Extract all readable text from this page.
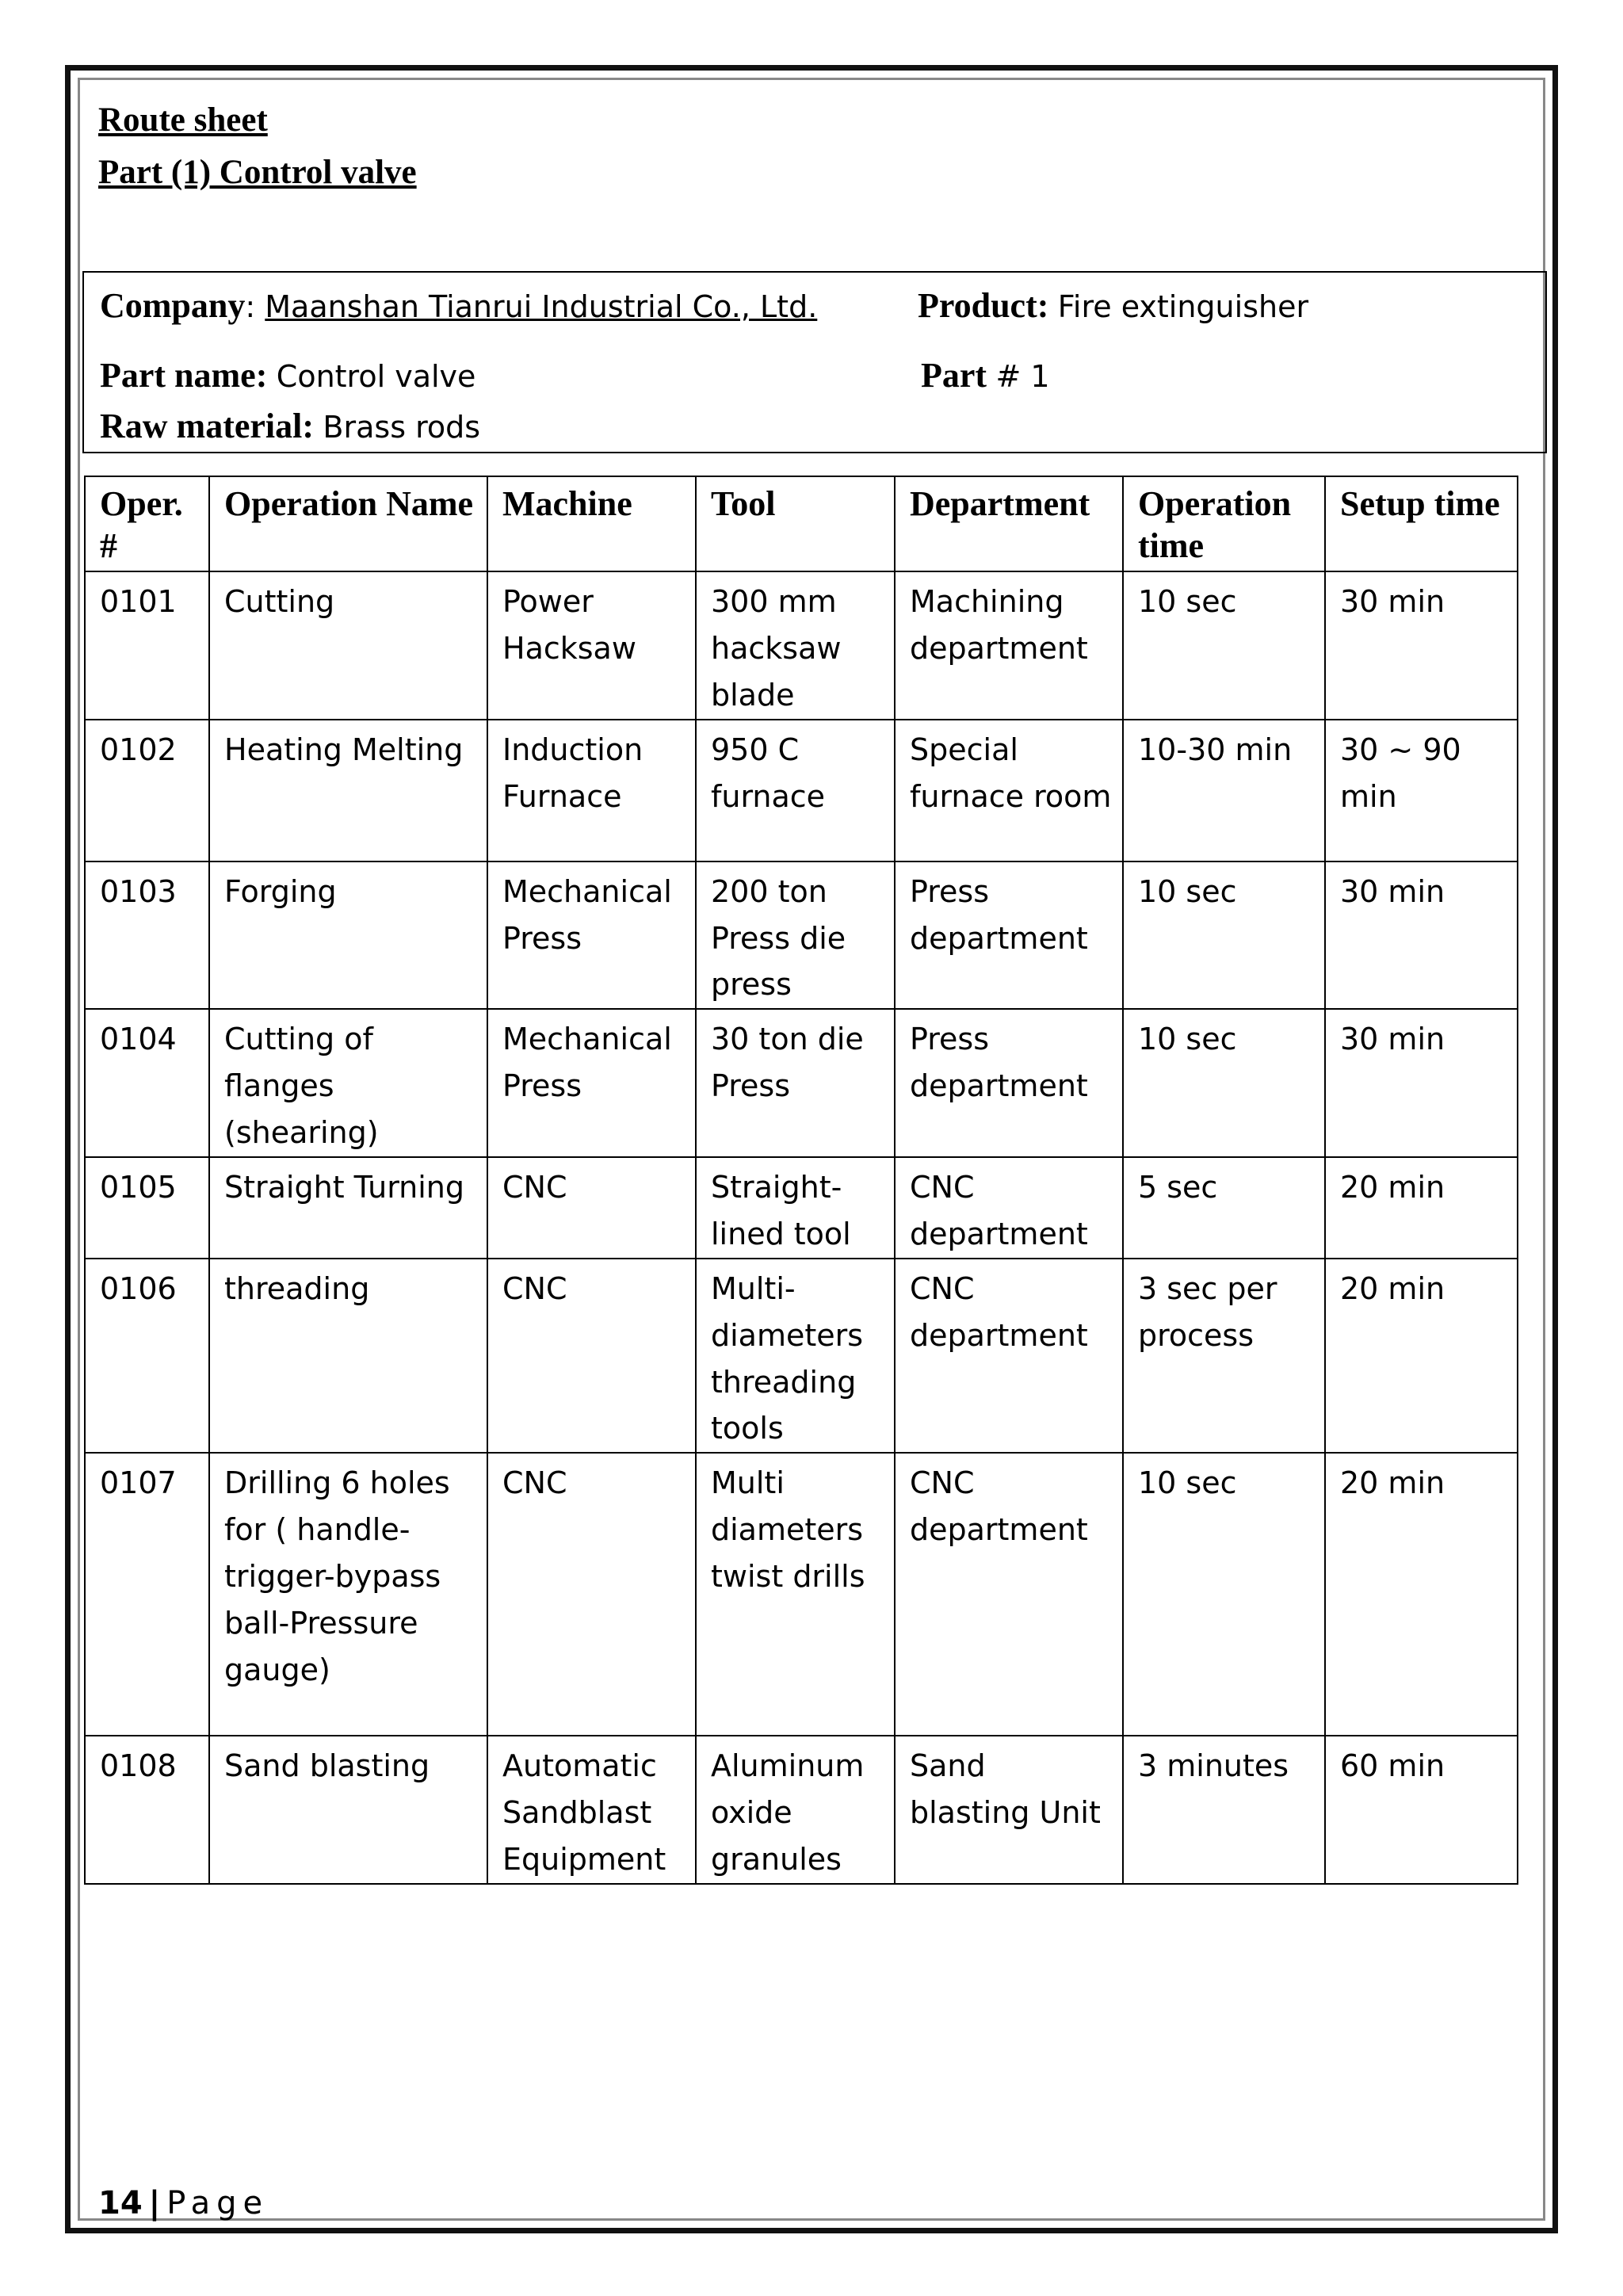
Route sheet
Part (1) Control valve
Company: Maanshan Tianrui Industrial Co., Ltd.	Product: Fire extinguisher
Part name: Control valve	Part # 1
Raw material: Brass rods
Oper. #	Operation Name	Machine	Tool	Department	Operation time	Setup time
0101	Cutting	Power Hacksaw	300 mm hacksaw blade	Machining department	10 sec	30 min
0102	Heating Melting	Induction Furnace	950 C furnace	Special furnace room	10-30 min	30 ~ 90 min
0103	Forging	Mechanical Press	200 ton Press die press	Press department	10 sec	30 min
0104	Cutting of flanges (shearing)	Mechanical Press	30 ton die Press	Press department	10 sec	30 min
0105	Straight Turning	CNC	Straight-lined tool	CNC department	5 sec	20 min
0106	threading	CNC	Multi-diameters threading tools	CNC department	3 sec per process	20 min
0107	Drilling 6 holes for ( handle-trigger-bypass ball-Pressure gauge)	CNC	Multi diameters twist drills	CNC department	10 sec	20 min
0108	Sand blasting	Automatic Sandblast Equipment	Aluminum oxide granules	Sand blasting Unit	3 minutes	60 min
14 | Page
